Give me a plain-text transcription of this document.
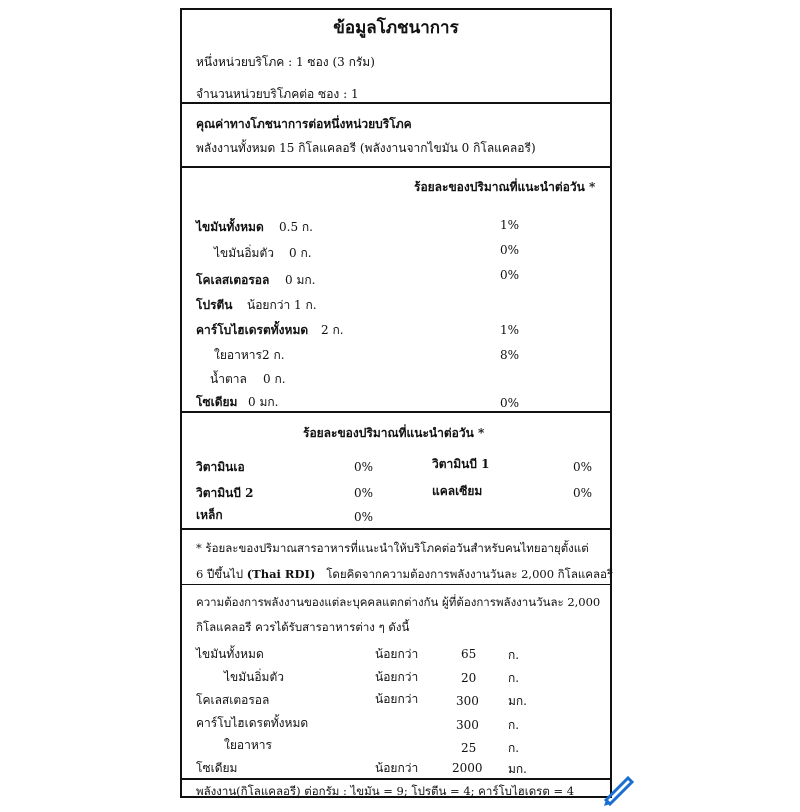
ข้อมูลโภชนาการ
หนึ่งหน่วยบริโภค : 1 ซอง (3 กรัม)
จำนวนหน่วยบริโภคต่อ ซอง : 1
คุณค่าทางโภชนาการต่อหนึ่งหน่วยบริโภค
พลังงานทั้งหมด 15 กิโลแคลอรี (พลังงานจากไขมัน 0 กิโลแคลอรี)
ร้อยละของปริมาณที่แนะนำต่อวัน *
ไขมันทั้งหมด 0.5 ก.	1%
ไขมันอิ่มตัว 0 ก.	0%
โคเลสเตอรอล 0 มก.	0%
โปรตีน น้อยกว่า 1 ก.
คาร์โบไฮเดรตทั้งหมด 2 ก.	1%
ใยอาหาร 2 ก.	8%
น้ำตาล 0 ก.
โซเดียม 0 มก.	0%
ร้อยละของปริมาณที่แนะนำต่อวัน *
วิตามินเอ	0%	วิตามินบี 1	0%
วิตามินบี 2	0%	แคลเซียม	0%
เหล็ก	0%
* ร้อยละของปริมาณสารอาหารที่แนะนำให้บริโภคต่อวันสำหรับคนไทยอายุตั้งแต่
6 ปีขึ้นไป (Thai RDI) โดยคิดจากความต้องการพลังงานวันละ 2,000 กิโลแคลอรี
ความต้องการพลังงานของแต่ละบุคคลแตกต่างกัน ผู้ที่ต้องการพลังงานวันละ 2,000
กิโลแคลอรี ควรได้รับสารอาหารต่าง ๆ ดังนี้
ไขมันทั้งหมด	น้อยกว่า	65	ก.
ไขมันอิ่มตัว	น้อยกว่า	20	ก.
โคเลสเตอรอล	น้อยกว่า	300 มก.
คาร์โบไฮเดรตทั้งหมด	300 ก.
ใยอาหาร	25	ก.
โซเดียม	น้อยกว่า	2000 มก.
พลังงาน(กิโลแคลอรี) ต่อกรัม : ไขมัน = 9; โปรตีน = 4; คาร์โบไฮเดรต = 4
